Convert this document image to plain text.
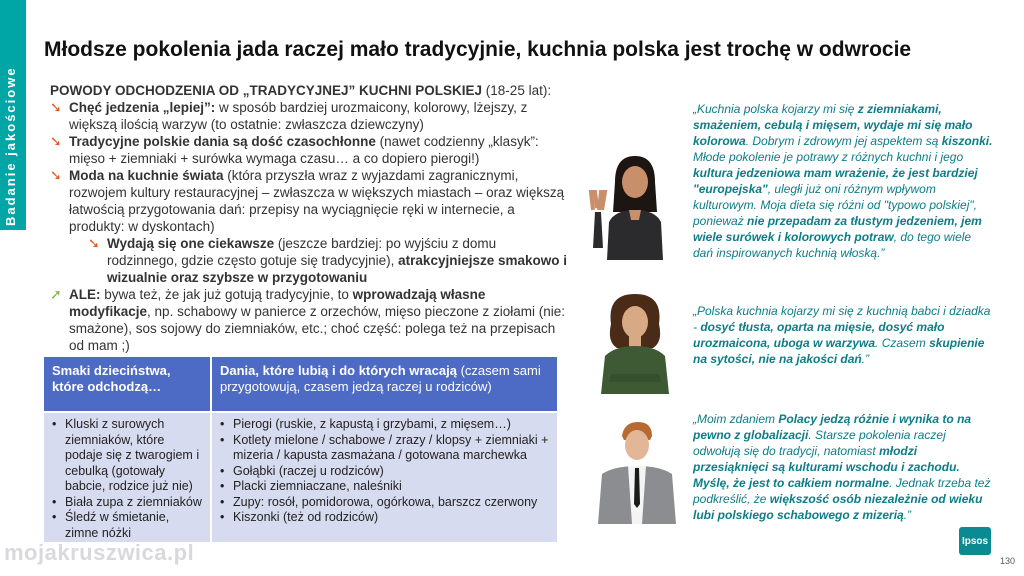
Badanie jakościowe
Młodsze pokolenia jada raczej mało tradycyjnie, kuchnia polska jest trochę w odwrocie
POWODY ODCHODZENIA OD „TRADYCYJNEJ” KUCHNI POLSKIEJ (18-25 lat):
➘ Chęć jedzenia „lepiej”: w sposób bardziej urozmaicony, kolorowy, lżejszy, z większą ilością warzyw (to ostatnie: zwłaszcza dziewczyny)
➘ Tradycyjne polskie dania są dość czasochłonne (nawet codzienny „klasyk”: mięso + ziemniaki + surówka wymaga czasu… a co dopiero pierogi!)
➘ Moda na kuchnie świata (która przyszła wraz z wyjazdami zagranicznymi, rozwojem kultury restauracyjnej – zwłaszcza w większych miastach – oraz większą łatwością przygotowania dań: przepisy na wyciągnięcie ręki w internecie, a produkty: w dyskontach)
➘ Wydają się one ciekawsze (jeszcze bardziej: po wyjściu z domu rodzinnego, gdzie często gotuje się tradycyjnie), atrakcyjniejsze smakowo i wizualnie oraz szybsze w przygotowaniu
➚ ALE: bywa też, że jak już gotują tradycyjnie, to wprowadzają własne modyfikacje, np. schabowy w panierce z orzechów, mięso pieczone z ziołami (nie: smażone), sos sojowy do ziemniaków, etc.; choć część: polega też na przepisach od mam ;)
Smaki dzieciństwa, które odchodzą…
Dania, które lubią i do których wracają (czasem sami przygotowują, czasem jedzą raczej u rodziców)
• Kluski z surowych ziemniaków, które podaje się z twarogiem i cebulką (gotowały babcie, rodzice już nie)
• Biała zupa z ziemniaków
• Śledź w śmietanie, zimne nóżki
• Pierogi (ruskie, z kapustą i grzybami, z mięsem…)
• Kotlety mielone / schabowe / zrazy / klopsy + ziemniaki + mizeria / kapusta zasmażana / gotowana marchewka
• Gołąbki (raczej u rodziców)
• Placki ziemniaczane, naleśniki
• Zupy: rosół, pomidorowa, ogórkowa, barszcz czerwony
• Kiszonki (też od rodziców)
„Kuchnia polska kojarzy mi się z ziemniakami, smażeniem, cebulą i mięsem, wydaje mi się mało kolorowa. Dobrym i zdrowym jej aspektem są kiszonki. Młode pokolenie je potrawy z różnych kuchni i jego kultura jedzeniowa mam wrażenie, że jest bardziej "europejska", uległi już oni różnym wpływom kulturowym. Moja dieta się różni od "typowo polskiej", ponieważ nie przepadam za tłustym jedzeniem, jem wiele surówek i kolorowych potraw, do tego wiele dań inspirowanych kuchnią włoską.”
„Polska kuchnia kojarzy mi się z kuchnią babci i dziadka - dosyć tłusta, oparta na mięsie, dosyć mało urozmaicona, uboga w warzywa. Czasem skupienie na sytości, nie na jakości dań.”
„Moim zdaniem Polacy jedzą różnie i wynika to na pewno z globalizacji. Starsze pokolenia raczej odwołują się do tradycji, natomiast młodzi przesiąknięci są kulturami wschodu i zachodu. Myślę, że jest to całkiem normalne. Jednak trzeba też podkreślić, że większość osób niezależnie od wieku lubi polskiego schabowego z mizerią.”
mojakruszwica.pl	Ipsos
130
